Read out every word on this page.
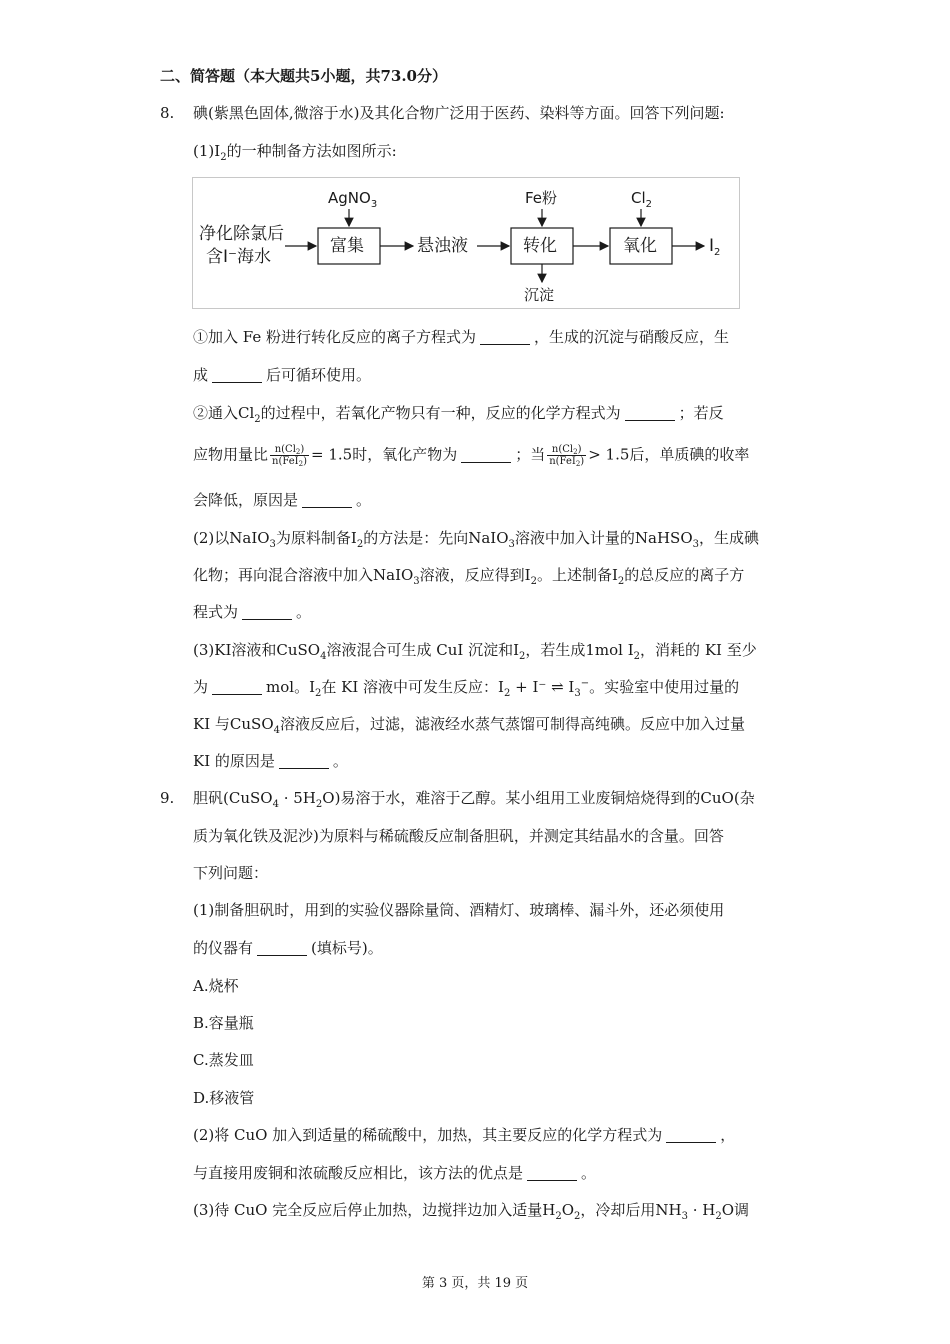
二、简答题（本大题共5小题，共73.0分）
8. 碘(紫黑色固体,微溶于水)及其化合物广泛用于医药、染料等方面。回答下列问题:
$(1)I_2$的一种制备方法如图所示:
净化除氯后
含I⁻海水
富集
AgNO$_3$
悬浊液	转化
Fe粉
沉淀
氧化
$Cl_2$
$I_2$
①加入 Fe 粉进行转化反应的离子方程式为	，生成的沉淀与硝酸反应，生
成	后可循环使用。
②通入$Cl_2$的过程中，若氧化产物只有一种，反应的化学方程式为	；若反
应物用量比 $\frac{n(Cl_2)}{n(FeI_2)} = 1.5$时，氧化产物为	；当 $\frac{n(Cl_2)}{n(FeI_2)} > 1.5$后，单质碘的收率
会降低，原因是	。
(2)以NaIO$_3$为原料制备$I_2$的方法是：先向NaIO$_3$溶液中加入计量的NaHSO$_3$，生成碘
化物；再向混合溶液中加入NaIO$_3$溶液，反应得到$I_2$。上述制备$I_2$的总反应的离子方
程式为	。
(3)KI溶液和CuSO$_4$溶液混合可生成 CuI 沉淀和$I_2$，若生成1mol $I_2$，消耗的 KI 至少
为	mol。$I_2$在 KI 溶液中可发生反应：$I_2 + I^-$ ⇌ $I_3^-$。实验室中使用过量的
KI 与CuSO$_4$溶液反应后，过滤，滤液经水蒸气蒸馏可制得高纯碘。反应中加入过量
KI 的原因是	。
9. 胆矾(CuSO$_4$ · $5H_2O$)易溶于水，难溶于乙醇。某小组用工业废铜焙烧得到的CuO(杂
质为氧化铁及泥沙)为原料与稀硫酸反应制备胆矾，并测定其结晶水的含量。回答
下列问题：
(1)制备胆矾时，用到的实验仪器除量筒、酒精灯、玻璃棒、漏斗外，还必须使用
的仪器有	(填标号)。
A.烧杯
B.容量瓶
C.蒸发皿
D.移液管
(2)将 CuO 加入到适量的稀硫酸中，加热，其主要反应的化学方程式为	，
与直接用废铜和浓硫酸反应相比，该方法的优点是	。
(3)待 CuO 完全反应后停止加热，边搅拌边加入适量$H_2O_2$，冷却后用$NH_3 \cdot H_2O$调
第 3 页，共 19 页
